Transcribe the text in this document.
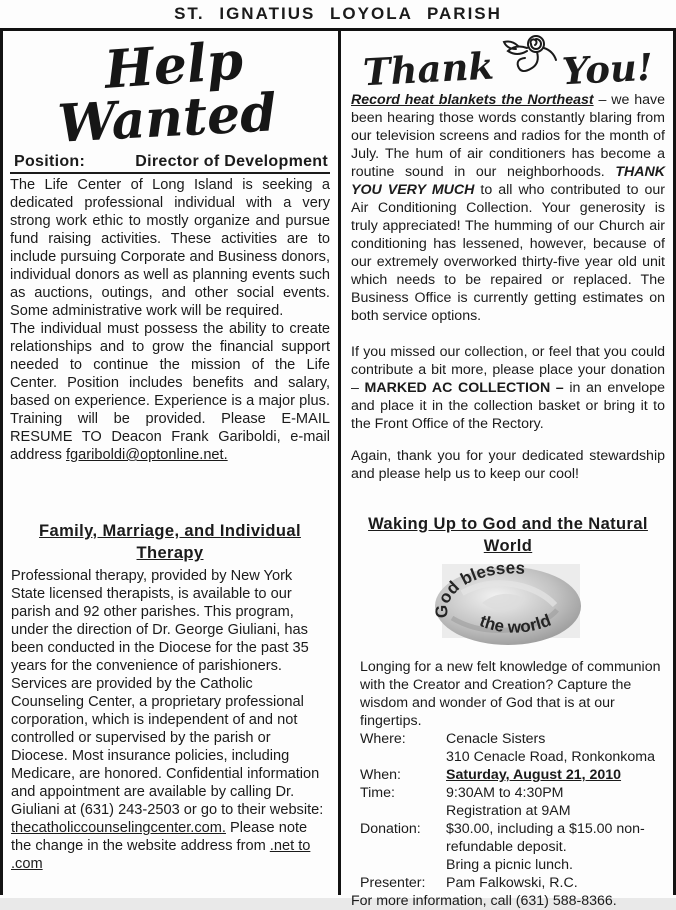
ST. IGNATIUS LOYOLA PARISH
Help
Wanted
Position:	Director of Development

The Life Center of Long Island is seeking a dedicated professional individual with a very strong work ethic to mostly organize and pursue fund raising activities. These activities are to include pursuing Corporate and Business donors, individual donors as well as planning events such as auctions, outings, and other social events. Some administrative work will be required.

The individual must possess the ability to create relationships and to grow the financial support needed to continue the mission of the Life Center. Position includes benefits and salary, based on experience. Experience is a major plus. Training will be provided. Please E-MAIL RESUME TO Deacon Frank Gariboldi, e-mail address fgariboldi@optonline.net.

Family, Marriage, and Individual Therapy

Professional therapy, provided by New York State licensed therapists, is available to our parish and 92 other parishes. This program, under the direction of Dr. George Giuliani, has been conducted in the Diocese for the past 35 years for the convenience of parishioners. Services are provided by the Catholic Counseling Center, a proprietary professional corporation, which is independent of and not controlled or supervised by the parish or Diocese. Most insurance policies, including Medicare, are honored. Confidential information and appointment are available by calling Dr. Giuliani at (631) 243-2503 or go to their website: thecatholiccounselingcenter.com. Please note the change in the website address from .net to .com

Thank You!

Record heat blankets the Northeast – we have been hearing those words constantly blaring from our television screens and radios for the month of July. The hum of air conditioners has become a routine sound in our neighborhoods. THANK YOU VERY MUCH to all who contributed to our Air Conditioning Collection. Your generosity is truly appreciated! The humming of our Church air conditioning has lessened, however, because of our extremely overworked thirty-five year old unit which needs to be repaired or replaced. The Business Office is currently getting estimates on both service options.

If you missed our collection, or feel that you could contribute a bit more, please place your donation – MARKED AC COLLECTION – in an envelope and place it in the collection basket or bring it to the Front Office of the Rectory.

Again, thank you for your dedicated stewardship and please help us to keep our cool!

Waking Up to God and the Natural World
God blesses
the world

Longing for a new felt knowledge of communion with the Creator and Creation? Capture the wisdom and wonder of God that is at our fingertips.

Where:	Cenacle Sisters
310 Cenacle Road, Ronkonkoma
When:	Saturday, August 21, 2010
Time:	9:30AM to 4:30PM
Registration at 9AM
Donation:	$30.00, including a $15.00 non-refundable deposit.
Bring a picnic lunch.
Presenter:	Pam Falkowski, R.C.

For more information, call (631) 588-8366.
